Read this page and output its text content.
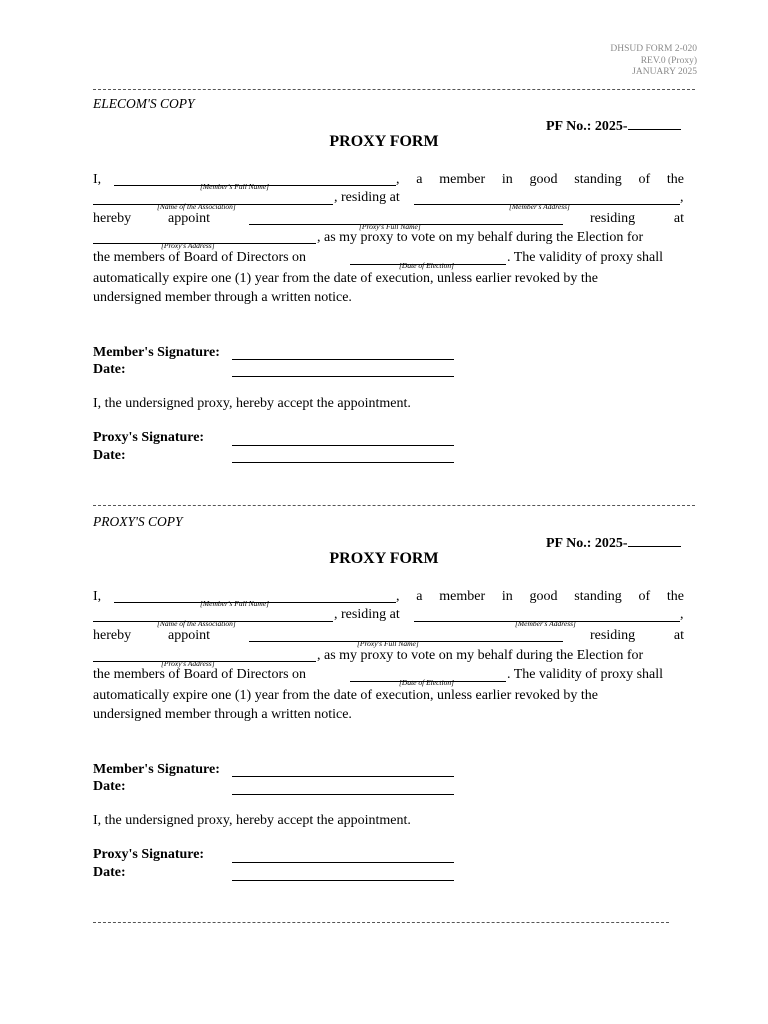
DHSUD FORM 2-020
REV.0 (Proxy)
JANUARY 2025
ELECOM'S COPY
PF No.: 2025-
PROXY FORM
I,	[Member's Full Name]	, a member in good standing of the
[Name of the Association]
, residing at
[Member's Address]
,
hereby	appoint
[Proxy's Full Name]
residing at
[Proxy's Address]
, as my proxy to vote on my behalf during the Election for
the members of Board of Directors on
[Date of Election]
. The validity of proxy shall
automatically expire one (1) year from the date of execution, unless earlier revoked by the
undersigned member through a written notice.
Member's Signature:
Date:
I, the undersigned proxy, hereby accept the appointment.
Proxy's Signature:
Date:
PROXY'S COPY
PF No.: 2025-
PROXY FORM
I,	[Member's Full Name]	, a member in good standing of the
[Name of the Association]
, residing at
[Member's Address]
,
hereby	appoint
[Proxy's Full Name]
residing at
[Proxy's Address]
, as my proxy to vote on my behalf during the Election for
the members of Board of Directors on
[Date of Election]
. The validity of proxy shall
automatically expire one (1) year from the date of execution, unless earlier revoked by the
undersigned member through a written notice.
Member's Signature:
Date:
I, the undersigned proxy, hereby accept the appointment.
Proxy's Signature:
Date:
